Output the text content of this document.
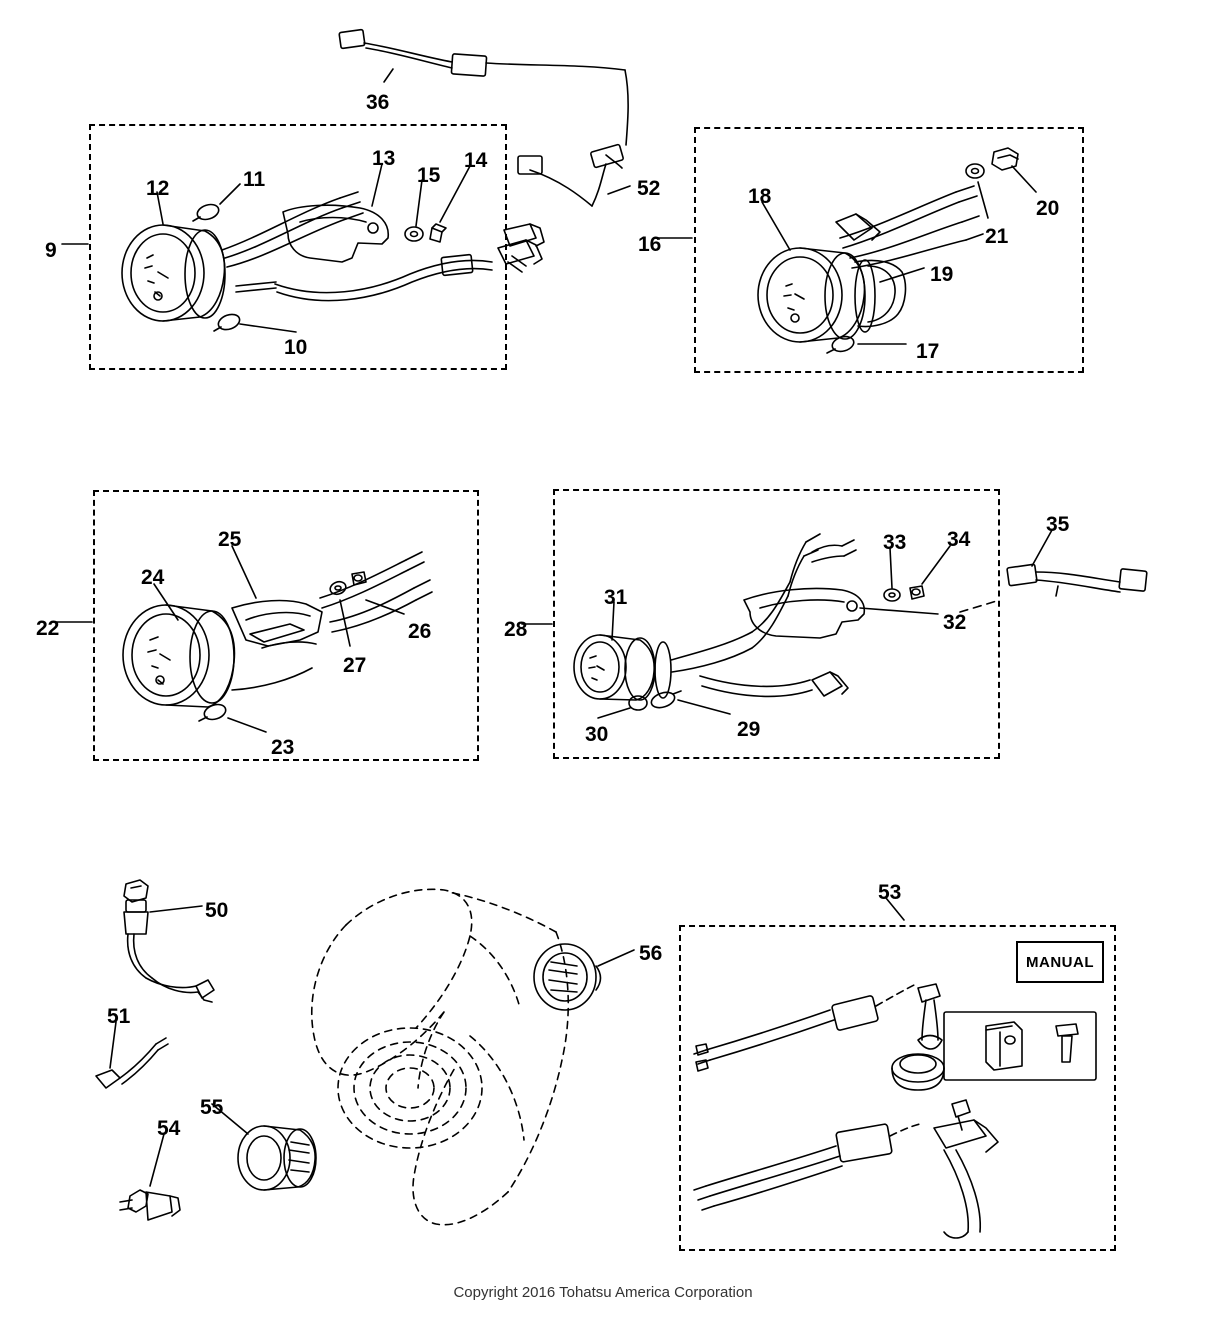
MANUAL
36
12	11
13
15
14
52
9
10
18
20
21
16
19
17
25
24
22	26
27
23
33 34
35
31
32
28
30	29
53
50
56
51
55
54
Copyright 2016 Tohatsu America Corporation
